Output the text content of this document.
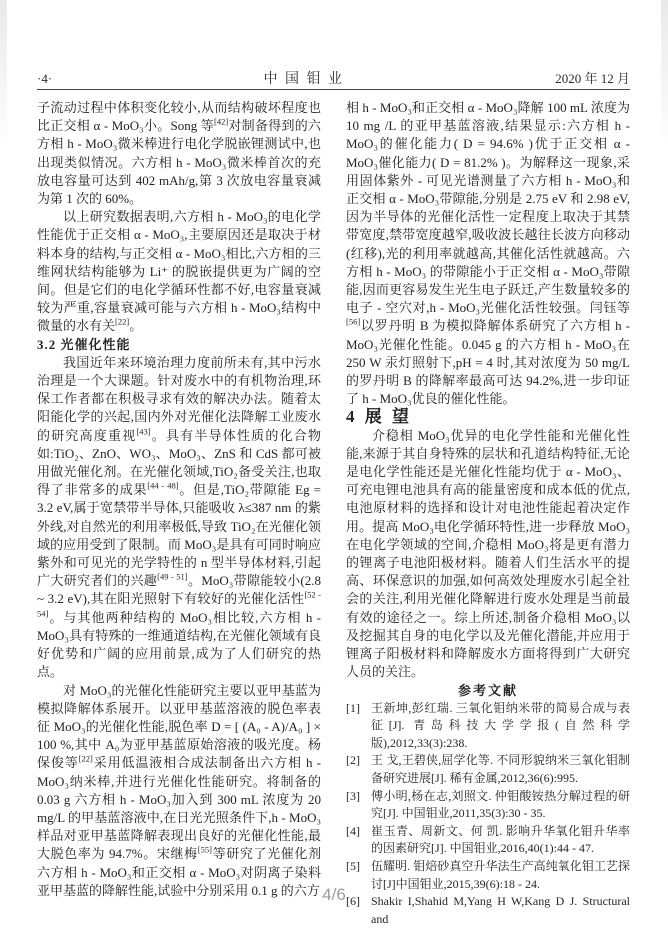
·4·	中 国 钼 业	2020 年 12 月

子流动过程中体积变化较小,从而结构破坏程度也比正交相 α - MoO₃小。Song 等[42]对制备得到的六方相 h - MoO₃微米棒进行电化学脱嵌锂测试中,也出现类似情况。六方相 h - MoO₃微米棒首次的充放电容量可达到 402 mAh/g,第 3 次放电容量衰减为第 1 次的 60%。

以上研究数据表明,六方相 h - MoO₃的电化学性能优于正交相 α - MoO₃,主要原因还是取决于材料本身的结构,与正交相 α - MoO₃相比,六方相的三维网状结构能够为 Li⁺ 的脱嵌提供更为广阔的空间。但是它们的电化学循环性都不好,电容量衰减较为严重,容量衰减可能与六方相 h - MoO₃结构中微量的水有关[22]。

3.2 光催化性能

我国近年来环境治理力度前所未有,其中污水治理是一个大课题。针对废水中的有机物治理,环保工作者都在积极寻求有效的解决办法。随着太阳能化学的兴起,国内外对光催化法降解工业废水的研究高度重视[43]。具有半导体性质的化合物如:TiO₂、ZnO、WO₃、MoO₃、ZnS 和 CdS 都可被用做光催化剂。在光催化领域,TiO₂备受关注,也取得了非常多的成果[44 - 48]。但是,TiO₂带隙能 Eg = 3.2 eV,属于宽禁带半导体,只能吸收 λ≤387 nm 的紫外线,对自然光的利用率极低,导致 TiO₂在光催化领域的应用受到了限制。而 MoO₃是具有可同时响应紫外和可见光的光学特性的 n 型半导体材料,引起广大研究者们的兴趣[49 - 51]。MoO₃带隙能较小(2.8 ~ 3.2 eV),其在阳光照射下有较好的光催化活性[52 - 54]。与其他两种结构的 MoO₃相比较,六方相 h - MoO₃具有特殊的一维通道结构,在光催化领域有良好优势和广阔的应用前景,成为了人们研究的热点。

对 MoO₃的光催化性能研究主要以亚甲基蓝为模拟降解体系展开。以亚甲基蓝溶液的脱色率表征 MoO₃的光催化性能,脱色率 D = [ (A₀ - A)/A₀ ] × 100 %,其中 A₀为亚甲基蓝原始溶液的吸光度。杨保俊等[22]采用低温液相合成法制备出六方相 h - MoO₃纳米棒,并进行光催化性能研究。将制备的 0.03 g 六方相 h - MoO₃加入到 300 mL 浓度为 20 mg/L 的甲基蓝溶液中,在日光光照条件下,h - MoO₃样品对亚甲基蓝降解表现出良好的光催化性能,最大脱色率为 94.7%。宋继梅[55]等研究了光催化剂六方相 h - MoO₃和正交相 α - MoO₃对阴离子染料亚甲基蓝的降解性能,试验中分别采用 0.1 g 的六方

相 h - MoO₃和正交相 α - MoO₃降解 100 mL 浓度为 10 mg /L 的亚甲基蓝溶液,结果显示:六方相 h - MoO₃的催化能力( D = 94.6% )优于正交相 α - MoO₃催化能力( D = 81.2% )。为解释这一现象,采用固体紫外 - 可见光谱测量了六方相 h - MoO₃和正交相 α - MoO₃带隙能,分别是 2.75 eV 和 2.98 eV,因为半导体的光催化活性一定程度上取决于其禁带宽度,禁带宽度越窄,吸收波长越往长波方向移动(红移),光的利用率就越高,其催化活性就越高。六方相 h - MoO₃ 的带隙能小于正交相 α - MoO₃带隙能,因而更容易发生光生电子跃迁,产生数量较多的电子 - 空穴对,h - MoO₃光催化活性较强。闫钰等[56]以罗丹明 B 为模拟降解体系研究了六方相 h - MoO₃光催化性能。0.045 g 的六方相 h - MoO₃在 250 W 汞灯照射下,pH = 4 时,其对浓度为 50 mg/L 的罗丹明 B 的降解率最高可达 94.2%,进一步印证了 h - MoO₃优良的催化性能。

4 展 望

介稳相 MoO₃优异的电化学性能和光催化性能,来源于其自身特殊的层状和孔道结构特征,无论是电化学性能还是光催化性能均优于 α - MoO₃、可充电锂电池具有高的能量密度和成本低的优点,电池原材料的选择和设计对电池性能起着决定作用。提高 MoO₃电化学循环特性,进一步释放 MoO₃在电化学领域的空间,介稳相 MoO₃将是更有潜力的锂离子电池阳极材料。随着人们生活水平的提高、环保意识的加强,如何高效处理废水引起全社会的关注,利用光催化降解进行废水处理是当前最有效的途径之一。综上所述,制备介稳相 MoO₃以及挖掘其自身的电化学以及光催化潜能,并应用于锂离子阳极材料和降解废水方面将得到广大研究人员的关注。

参考文献

[1] 王新坤,彭红瑞. 三氧化钼纳米带的简易合成与表征[J]. 青岛科技大学学报(自然科学版),2012,33(3):238.

[2] 王 戈,王碧侠,屈学化等. 不同形貌纳米三氧化钼制备研究进展[J]. 稀有金属,2012,36(6):995.

[3] 傅小明,杨在志,刘照文. 仲钼酸铵热分解过程的研究[J]. 中国钼业,2011,35(3):30 - 35.

[4] 崔玉青、周新文、何 凯. 影响升华氧化钼升华率的因素研究[J]. 中国钼业,2016,40(1):44 - 47.

[5] 伍耀明. 钼焙砂真空升华法生产高纯氧化钼工艺探讨[J]中国钼业,2015,39(6):18 - 24.

[6] Shakir I,Shahid M,Yang H W,Kang D J. Structural and

4/6
